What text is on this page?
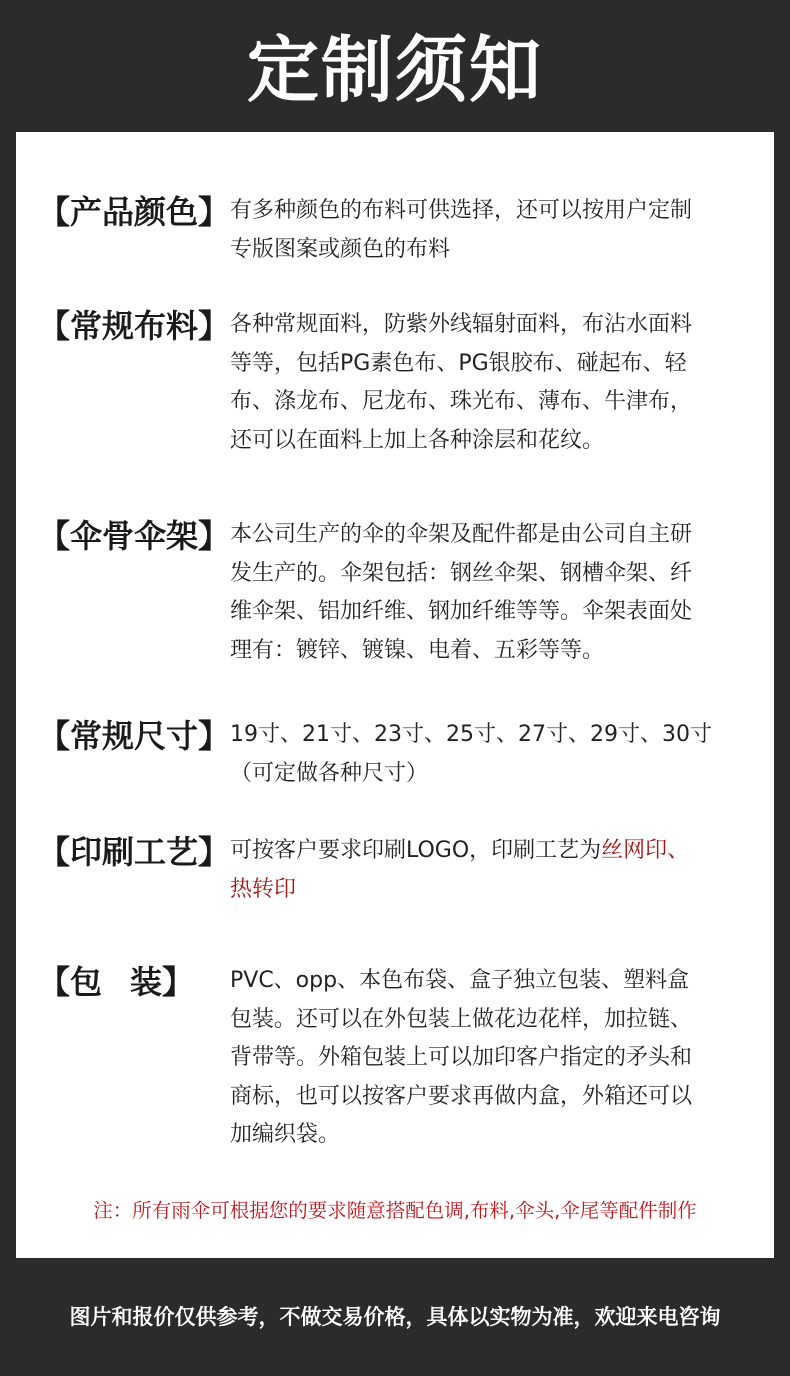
定制须知
【产品颜色】 有多种颜色的布料可供选择，还可以按用户定制
专版图案或颜色的布料
【常规布料】 各种常规面料，防紫外线辐射面料，布沾水面料
等等，包括PG素色布、PG银胶布、碰起布、轻
布、涤龙布、尼龙布、珠光布、薄布、牛津布，
还可以在面料上加上各种涂层和花纹。
【伞骨伞架】 本公司生产的伞的伞架及配件都是由公司自主研
发生产的。伞架包括：钢丝伞架、钢槽伞架、纤
维伞架、铝加纤维、钢加纤维等等。伞架表面处
理有：镀锌、镀镍、电着、五彩等等。
【常规尺寸】 19寸、21寸、23寸、25寸、27寸、29寸、30寸
（可定做各种尺寸）
【印刷工艺】 可按客户要求印刷LOGO，印刷工艺为丝网印、
热转印
【包 装】	PVC、opp、本色布袋、盒子独立包装、塑料盒
包装。还可以在外包装上做花边花样，加拉链、
背带等。外箱包装上可以加印客户指定的矛头和
商标，也可以按客户要求再做内盒，外箱还可以
加编织袋。
注：所有雨伞可根据您的要求随意搭配色调,布料,伞头,伞尾等配件制作
图片和报价仅供参考，不做交易价格，具体以实物为准，欢迎来电咨询
